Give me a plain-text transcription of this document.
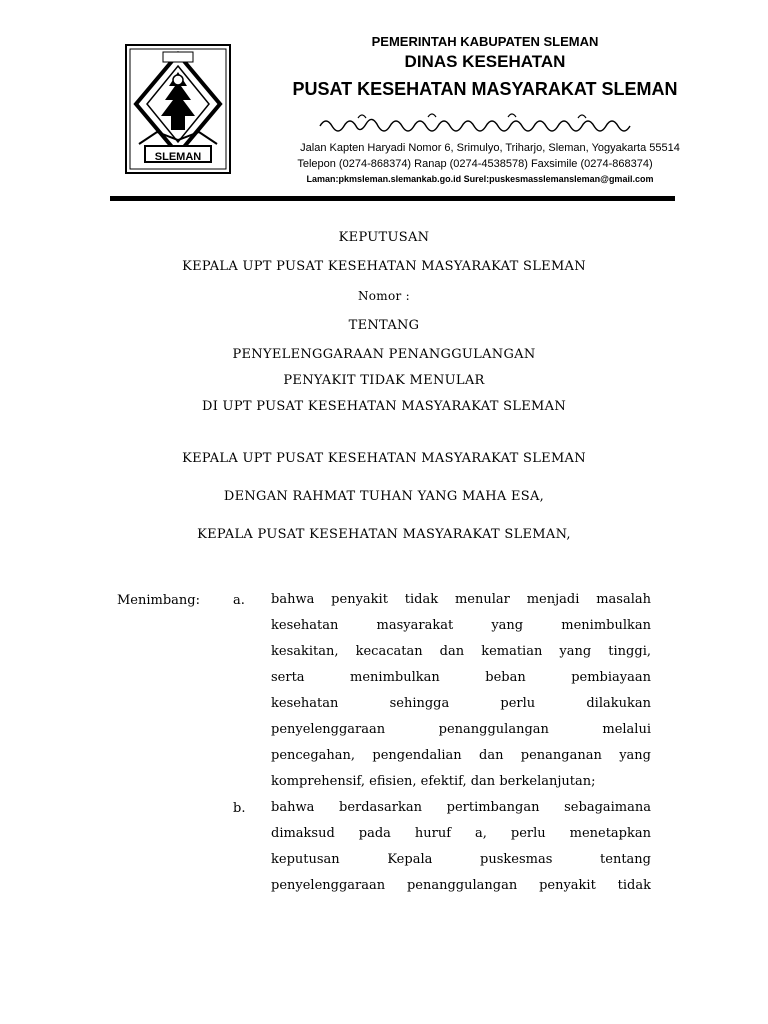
SLEMAN
PEMERINTAH KABUPATEN SLEMAN
DINAS KESEHATAN
PUSAT KESEHATAN MASYARAKAT SLEMAN
Jalan Kapten Haryadi Nomor 6, Srimulyo, Triharjo, Sleman, Yogyakarta 55514
Telepon (0274-868374) Ranap (0274-4538578) Faxsimile (0274-868374)
Laman:pkmsleman.slemankab.go.id Surel:puskesmasslemansleman@gmail.com
KEPUTUSAN
KEPALA UPT PUSAT KESEHATAN MASYARAKAT SLEMAN
Nomor :
TENTANG
PENYELENGGARAAN PENANGGULANGAN
PENYAKIT TIDAK MENULAR
DI UPT PUSAT KESEHATAN MASYARAKAT SLEMAN
KEPALA UPT PUSAT KESEHATAN MASYARAKAT SLEMAN
DENGAN RAHMAT TUHAN YANG MAHA ESA,
KEPALA PUSAT KESEHATAN MASYARAKAT SLEMAN,
Menimbang:	a. bahwa penyakit tidak menular menjadi masalah
kesehatan masyarakat yang menimbulkan
kesakitan, kecacatan dan kematian yang tinggi,
serta menimbulkan beban pembiayaan
kesehatan sehingga perlu dilakukan
penyelenggaraan penanggulangan melalui
pencegahan, pengendalian dan penanganan yang
komprehensif, efisien, efektif, dan berkelanjutan;
b. bahwa berdasarkan pertimbangan sebagaimana
dimaksud pada huruf a, perlu menetapkan
keputusan Kepala puskesmas tentang
penyelenggaraan penanggulangan penyakit tidak
